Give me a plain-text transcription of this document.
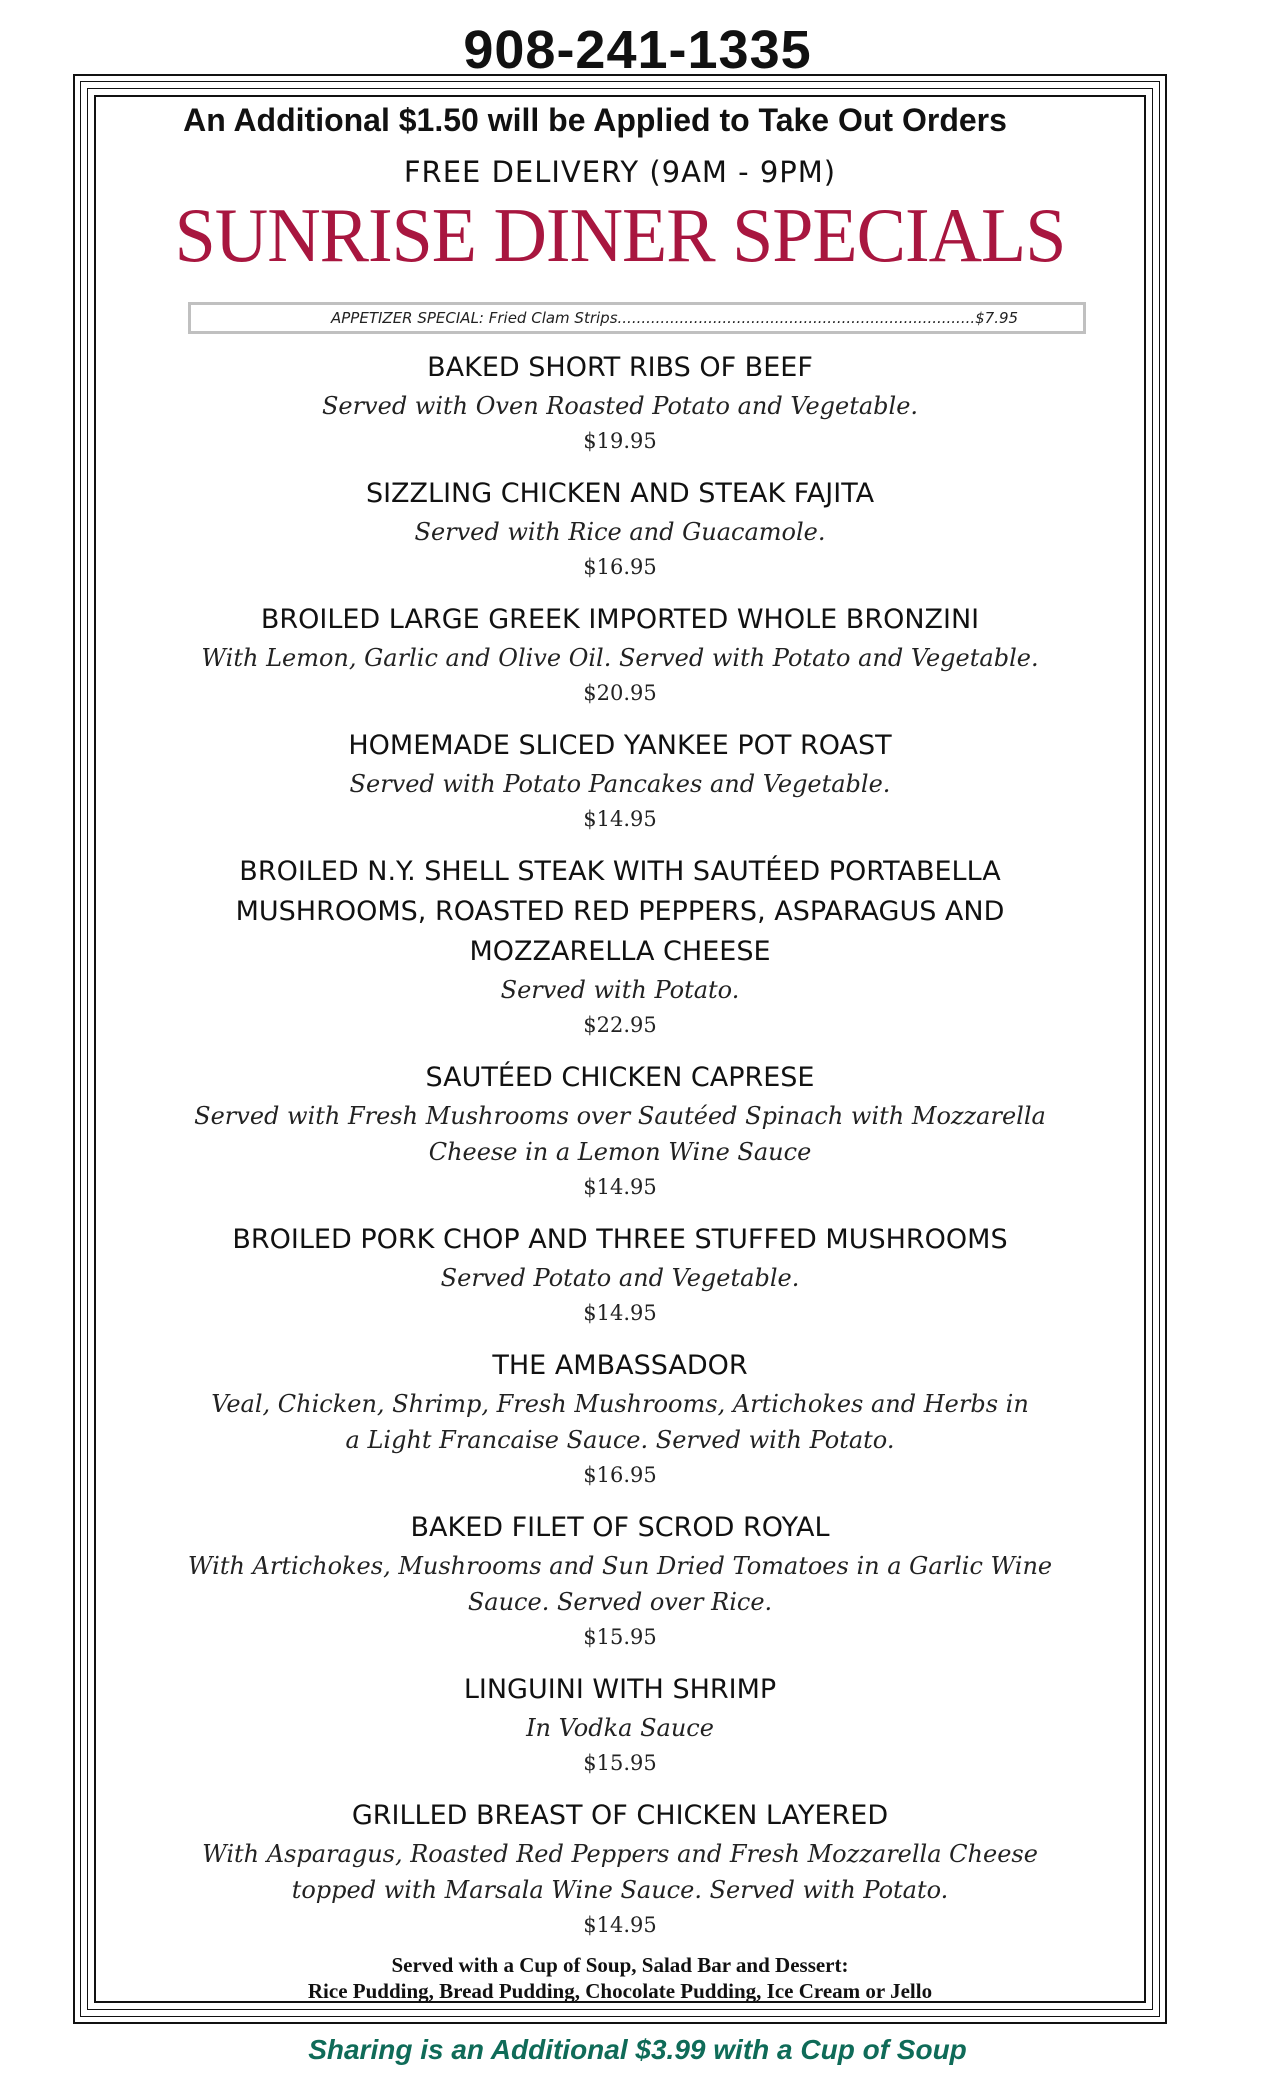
908-241-1335
An Additional $1.50 will be Applied to Take Out Orders
FREE DELIVERY (9AM - 9PM)
SUNRISE DINER SPECIALS
APPETIZER SPECIAL: Fried Clam Strips...........................................................................$7.95
BAKED SHORT RIBS OF BEEF
Served with Oven Roasted Potato and Vegetable.
$19.95
SIZZLING CHICKEN AND STEAK FAJITA
Served with Rice and Guacamole.
$16.95
BROILED LARGE GREEK IMPORTED WHOLE BRONZINI
With Lemon, Garlic and Olive Oil. Served with Potato and Vegetable.
$20.95
HOMEMADE SLICED YANKEE POT ROAST
Served with Potato Pancakes and Vegetable.
$14.95
BROILED N.Y. SHELL STEAK WITH SAUTÉED PORTABELLA MUSHROOMS, ROASTED RED PEPPERS, ASPARAGUS AND MOZZARELLA CHEESE
Served with Potato.
$22.95
SAUTÉED CHICKEN CAPRESE
Served with Fresh Mushrooms over Sautéed Spinach with Mozzarella Cheese in a Lemon Wine Sauce
$14.95
BROILED PORK CHOP AND THREE STUFFED MUSHROOMS
Served Potato and Vegetable.
$14.95
THE AMBASSADOR
Veal, Chicken, Shrimp, Fresh Mushrooms, Artichokes and Herbs in a Light Francaise Sauce. Served with Potato.
$16.95
BAKED FILET OF SCROD ROYAL
With Artichokes, Mushrooms and Sun Dried Tomatoes in a Garlic Wine Sauce. Served over Rice.
$15.95
LINGUINI WITH SHRIMP
In Vodka Sauce
$15.95
GRILLED BREAST OF CHICKEN LAYERED
With Asparagus, Roasted Red Peppers and Fresh Mozzarella Cheese topped with Marsala Wine Sauce. Served with Potato.
$14.95
Served with a Cup of Soup, Salad Bar and Dessert:
Rice Pudding, Bread Pudding, Chocolate Pudding, Ice Cream or Jello
Sharing is an Additional $3.99 with a Cup of Soup
